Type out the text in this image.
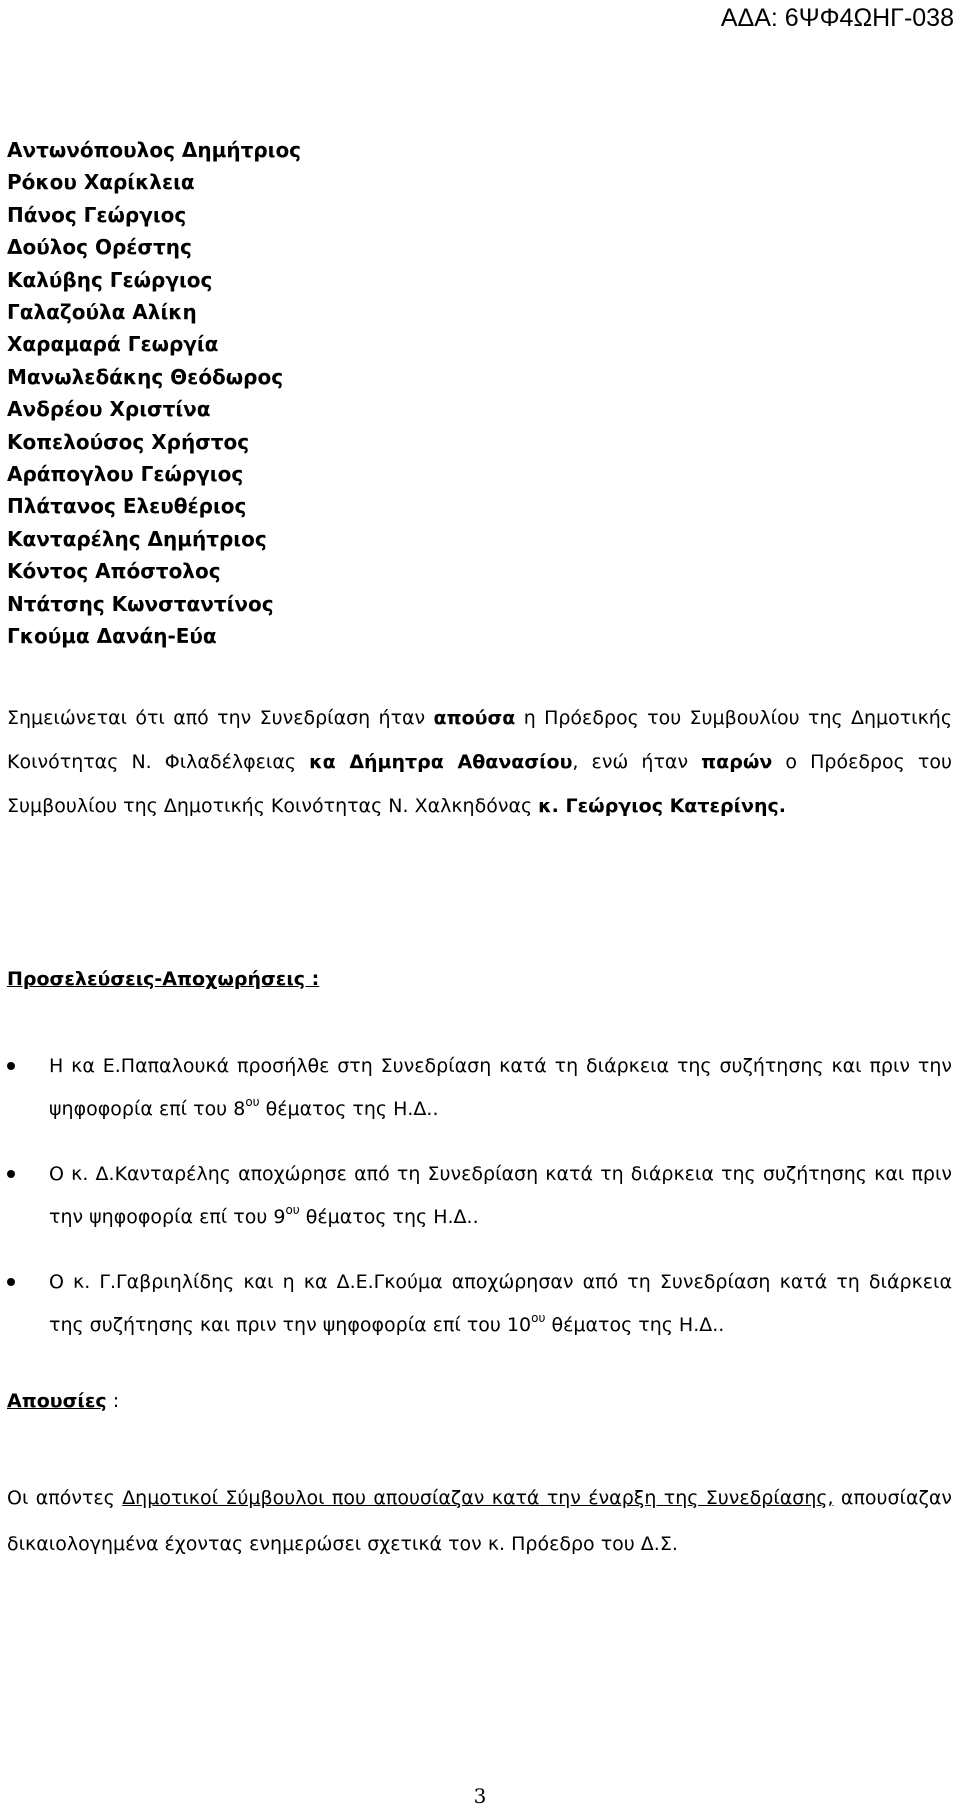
ΑΔΑ: 6ΨΦ4ΩΗΓ-038
Αντωνόπουλος Δημήτριος
Ρόκου Χαρίκλεια
Πάνος Γεώργιος
Δούλος Ορέστης
Καλύβης Γεώργιος
Γαλαζούλα Αλίκη
Χαραμαρά Γεωργία
Μανωλεδάκης Θεόδωρος
Ανδρέου Χριστίνα
Κοπελούσος Χρήστος
Αράπογλου Γεώργιος
Πλάτανος Ελευθέριος
Κανταρέλης Δημήτριος
Κόντος Απόστολος
Ντάτσης Κωνσταντίνος
Γκούμα Δανάη-Εύα
Σημειώνεται ότι από την Συνεδρίαση ήταν απούσα η Πρόεδρος του Συμβουλίου της Δημοτικής Κοινότητας Ν. Φιλαδέλφειας κα Δήμητρα Αθανασίου, ενώ ήταν παρών ο Πρόεδρος του Συμβουλίου της Δημοτικής Κοινότητας Ν. Χαλκηδόνας κ. Γεώργιος Κατερίνης.
Προσελεύσεις-Αποχωρήσεις :
Η κα Ε.Παπαλουκά προσήλθε στη Συνεδρίαση κατά τη διάρκεια της συζήτησης και πριν την ψηφοφορία επί του $8^{o\upsilon}$ θέματος της Η.Δ..
Ο κ. Δ.Κανταρέλης αποχώρησε από τη Συνεδρίαση κατά τη διάρκεια της συζήτησης και πριν την ψηφοφορία επί του $9^{o\upsilon}$ θέματος της Η.Δ..
Ο κ. Γ.Γαβριηλίδης και η κα Δ.Ε.Γκούμα αποχώρησαν από τη Συνεδρίαση κατά τη διάρκεια της συζήτησης και πριν την ψηφοφορία επί του $10^{o\upsilon}$ θέματος της Η.Δ..
Απουσίες :
Οι απόντες Δημοτικοί Σύμβουλοι που απουσίαζαν κατά την έναρξη της Συνεδρίασης, απουσίαζαν δικαιολογημένα έχοντας ενημερώσει σχετικά τον κ. Πρόεδρο του Δ.Σ.
3
